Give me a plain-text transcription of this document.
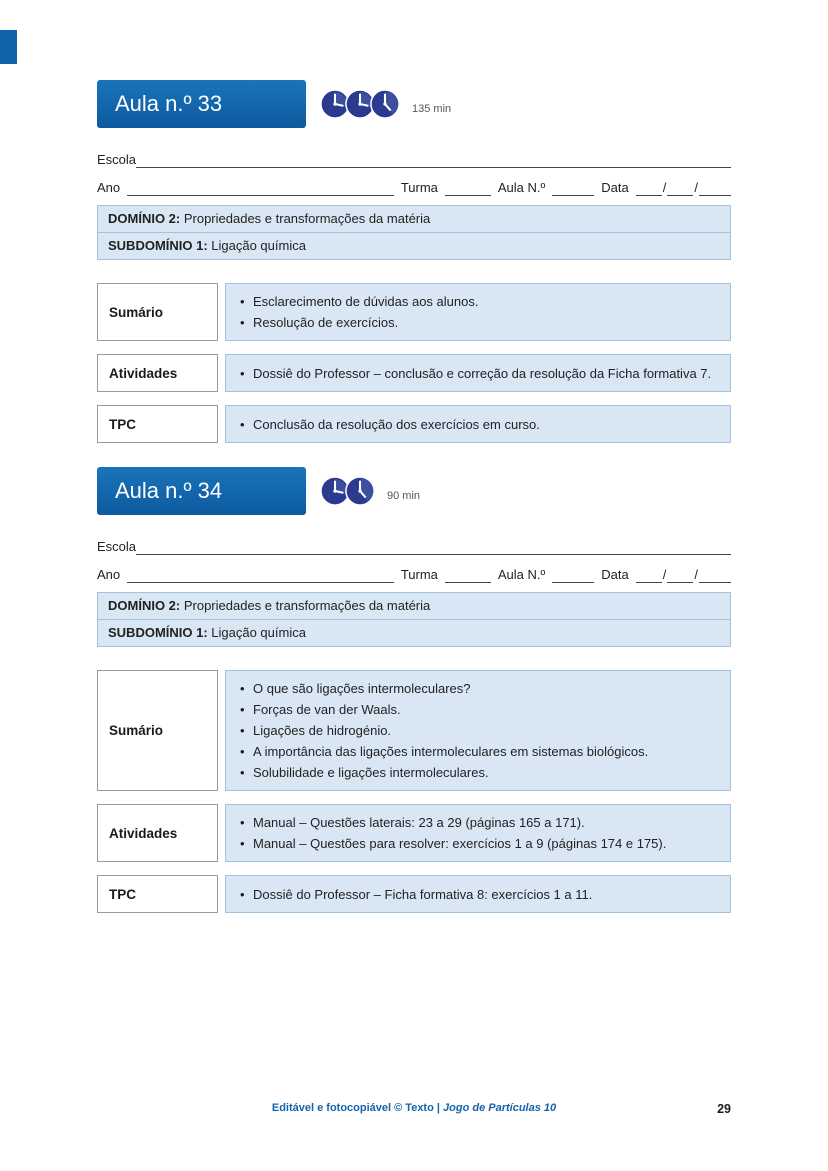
Aula n.º 33	135 min
Escola
Ano	Turma	Aula N.º	Data	/ /
DOMÍNIO 2: Propriedades e transformações da matéria
SUBDOMÍNIO 1: Ligação química
Sumário
• Esclarecimento de dúvidas aos alunos.
• Resolução de exercícios.
Atividades	• Dossiê do Professor – conclusão e correção da resolução da Ficha formativa 7.
TPC	• Conclusão da resolução dos exercícios em curso.
Aula n.º 34	90 min
Escola
Ano	Turma	Aula N.º	Data	/ /
DOMÍNIO 2: Propriedades e transformações da matéria
SUBDOMÍNIO 1: Ligação química
Sumário
• O que são ligações intermoleculares?
• Forças de van der Waals.
• Ligações de hidrogénio.
• A importância das ligações intermoleculares em sistemas biológicos.
• Solubilidade e ligações intermoleculares.
Atividades
• Manual – Questões laterais: 23 a 29 (páginas 165 a 171).
• Manual – Questões para resolver: exercícios 1 a 9 (páginas 174 e 175).
TPC	• Dossiê do Professor – Ficha formativa 8: exercícios 1 a 11.
Editável e fotocopiável © Texto | Jogo de Partículas 10	29
